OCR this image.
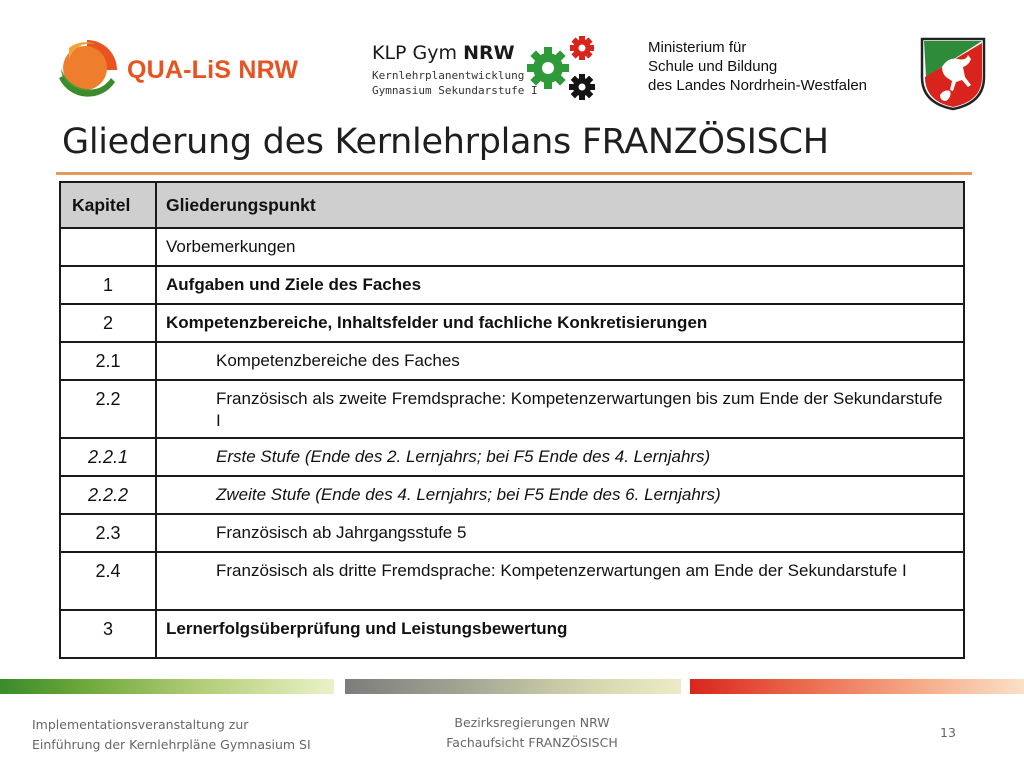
QUA-LiS NRW
KLP Gym NRW
Kernlehrplanentwicklung
Gymnasium Sekundarstufe I
Ministerium für
Schule und Bildung
des Landes Nordrhein-Westfalen
Gliederung des Kernlehrplans FRANZÖSISCH
Kapitel	Gliederungspunkt
	Vorbemerkungen
1	Aufgaben und Ziele des Faches
2	Kompetenzbereiche, Inhaltsfelder und fachliche Konkretisierungen
2.1	Kompetenzbereiche des Faches
2.2	Französisch als zweite Fremdsprache: Kompetenzerwartungen bis zum Ende der Sekundarstufe I
2.2.1	Erste Stufe (Ende des 2. Lernjahrs; bei F5 Ende des 4. Lernjahrs)
2.2.2	Zweite Stufe (Ende des 4. Lernjahrs; bei F5 Ende des 6. Lernjahrs)
2.3	Französisch ab Jahrgangsstufe 5
2.4	Französisch als dritte Fremdsprache: Kompetenzerwartungen am Ende der Sekundarstufe I
3	Lernerfolgsüberprüfung und Leistungsbewertung
Implementationsveranstaltung zur
Einführung der Kernlehrpläne Gymnasium SI
Bezirksregierungen NRW
Fachaufsicht FRANZÖSISCH
13
